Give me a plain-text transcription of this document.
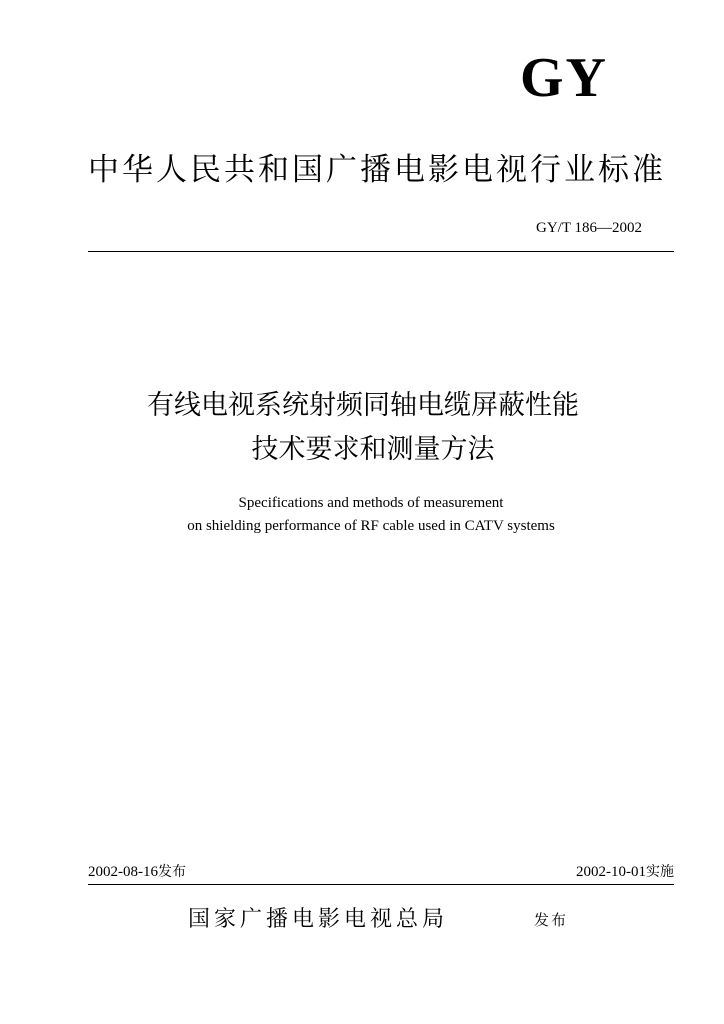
GY
中华人民共和国广播电影电视行业标准
GY/T 186—2002
有线电视系统射频同轴电缆屏蔽性能
技术要求和测量方法
Specifications and methods of measurement
on shielding performance of RF cable used in CATV systems
2002-08-16发布	2002-10-01实施
国家广播电影电视总局	发布
